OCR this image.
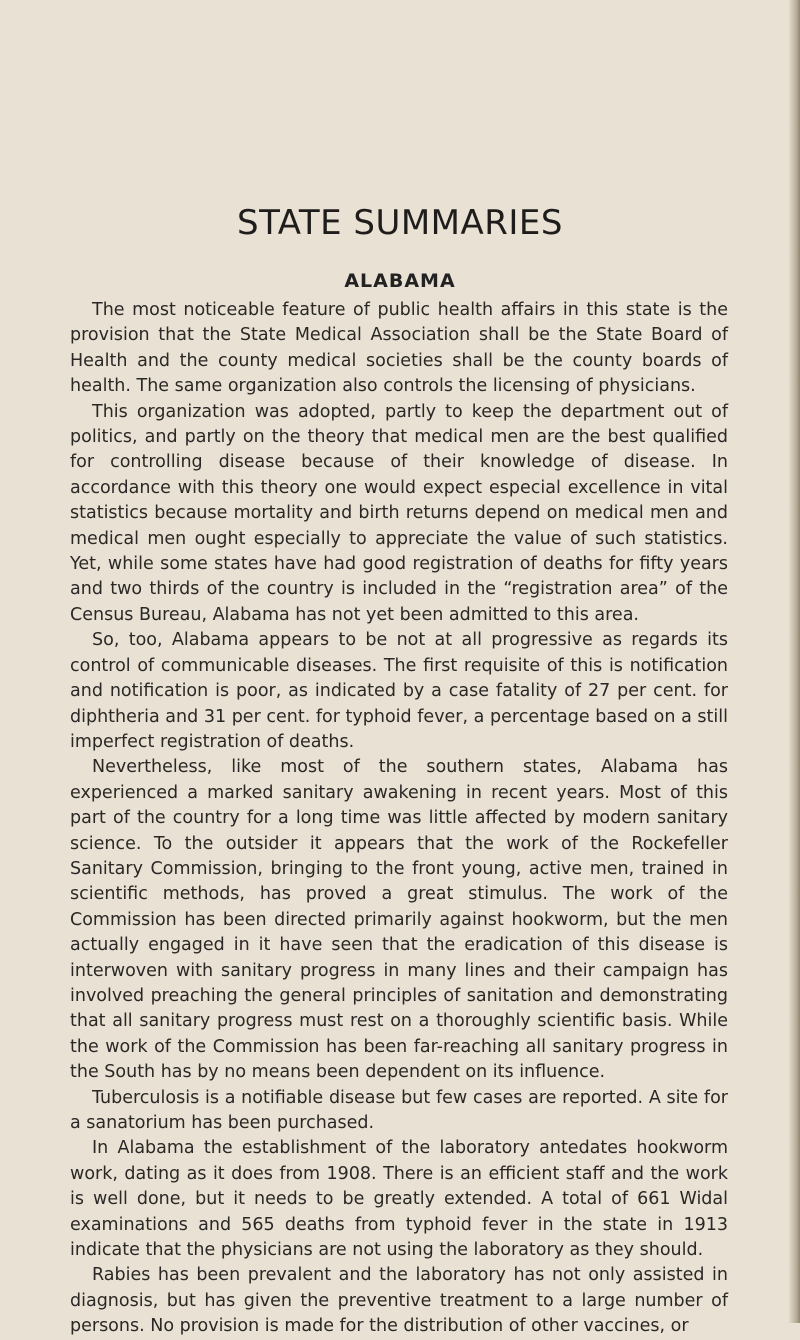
STATE SUMMARIES
ALABAMA

The most noticeable feature of public health affairs in this state is the provision that the State Medical Association shall be the State Board of Health and the county medical societies shall be the county boards of health. The same organization also controls the licensing of physicians.

This organization was adopted, partly to keep the department out of politics, and partly on the theory that medical men are the best qualified for controlling disease because of their knowledge of disease. In accordance with this theory one would expect especial excellence in vital statistics because mortality and birth returns depend on medical men and medical men ought especially to appreciate the value of such statistics. Yet, while some states have had good registration of deaths for fifty years and two thirds of the country is included in the “registration area” of the Census Bureau, Alabama has not yet been admitted to this area.

So, too, Alabama appears to be not at all progressive as regards its control of communicable diseases. The first requisite of this is notification and notification is poor, as indicated by a case fatality of 27 per cent. for diphtheria and 31 per cent. for typhoid fever, a percentage based on a still imperfect registration of deaths.

Nevertheless, like most of the southern states, Alabama has experienced a marked sanitary awakening in recent years. Most of this part of the country for a long time was little affected by modern sanitary science. To the outsider it appears that the work of the Rockefeller Sanitary Commission, bringing to the front young, active men, trained in scientific methods, has proved a great stimulus. The work of the Commission has been directed primarily against hookworm, but the men actually engaged in it have seen that the eradication of this disease is interwoven with sanitary progress in many lines and their campaign has involved preaching the general principles of sanitation and demonstrating that all sanitary progress must rest on a thoroughly scientific basis. While the work of the Commission has been far-reaching all sanitary progress in the South has by no means been dependent on its influence.

Tuberculosis is a notifiable disease but few cases are reported. A site for a sanatorium has been purchased.

In Alabama the establishment of the laboratory antedates hookworm work, dating as it does from 1908. There is an efficient staff and the work is well done, but it needs to be greatly extended. A total of 661 Widal examinations and 565 deaths from typhoid fever in the state in 1913 indicate that the physicians are not using the laboratory as they should.

Rabies has been prevalent and the laboratory has not only assisted in diagnosis, but has given the preventive treatment to a large number of persons. No provision is made for the distribution of other vaccines, or
